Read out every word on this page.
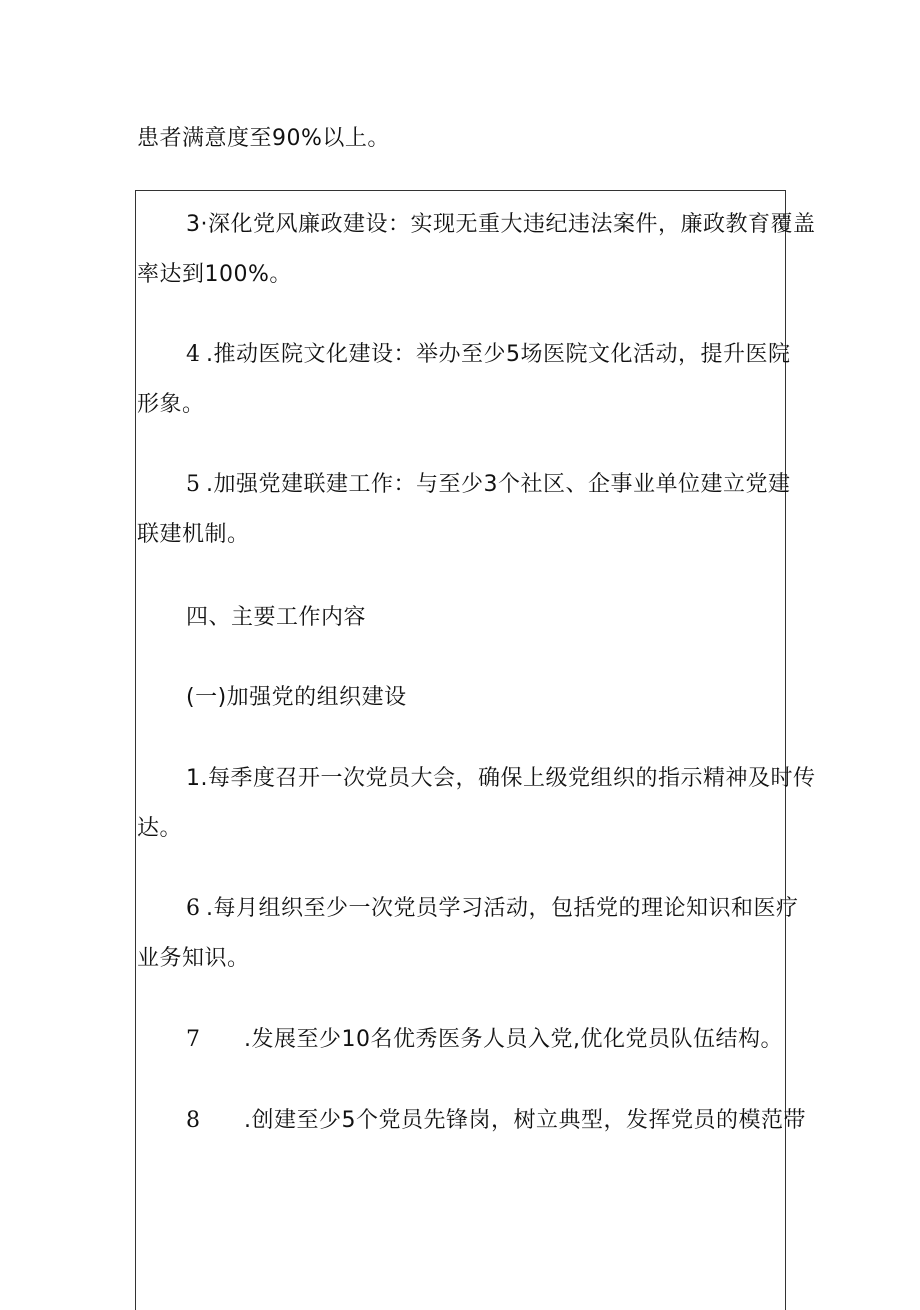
患者满意度至90%以上。
3·深化党风廉政建设：实现无重大违纪违法案件，廉政教育覆盖
率达到100%。
4 .推动医院文化建设：举办至少5场医院文化活动，提升医院
形象。
5 .加强党建联建工作：与至少3个社区、企事业单位建立党建
联建机制。
四、主要工作内容
(一)加强党的组织建设
1.每季度召开一次党员大会，确保上级党组织的指示精神及时传
达。
6 .每月组织至少一次党员学习活动，包括党的理论知识和医疗
业务知识。
7 .发展至少10名优秀医务人员入党,优化党员队伍结构。
8 .创建至少5个党员先锋岗，树立典型，发挥党员的模范带
